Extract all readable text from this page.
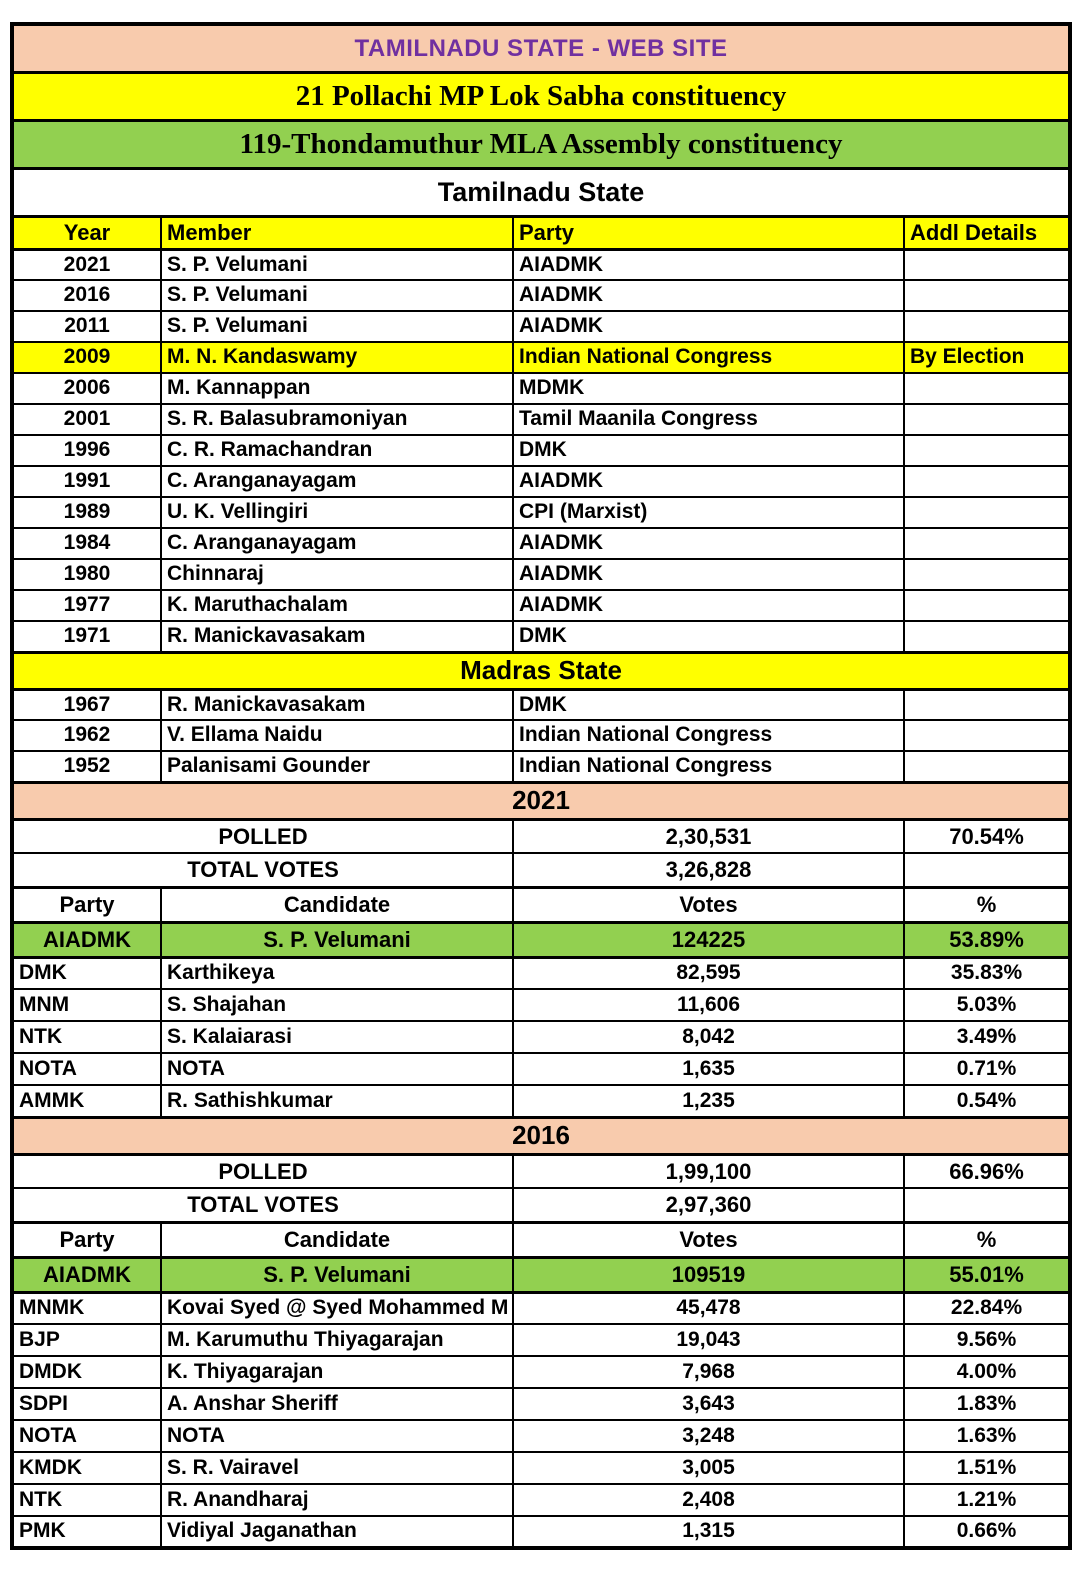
TAMILNADU STATE - WEB SITE			
21 Pollachi MP Lok Sabha constituency			
119-Thondamuthur MLA Assembly constituency			
Tamilnadu State			
Year	Member	Party	Addl Details
2021	S. P. Velumani	AIADMK	
2016	S. P. Velumani	AIADMK	
2011	S. P. Velumani	AIADMK	
2009	M. N. Kandaswamy	Indian National Congress	By Election
2006	M. Kannappan	MDMK	
2001	S. R. Balasubramoniyan	Tamil Maanila Congress	
1996	C. R. Ramachandran	DMK	
1991	C. Aranganayagam	AIADMK	
1989	U. K. Vellingiri	CPI (Marxist)	
1984	C. Aranganayagam	AIADMK	
1980	Chinnaraj	AIADMK	
1977	K. Maruthachalam	AIADMK	
1971	R. Manickavasakam	DMK	
Madras State			
1967	R. Manickavasakam	DMK	
1962	V. Ellama Naidu	Indian National Congress	
1952	Palanisami Gounder	Indian National Congress	
2021			
POLLED		2,30,531	70.54%
TOTAL VOTES		3,26,828	
Party	Candidate	Votes	%
AIADMK	S. P. Velumani	124225	53.89%
DMK	Karthikeya	82,595	35.83%
MNM	S. Shajahan	11,606	5.03%
NTK	S. Kalaiarasi	8,042	3.49%
NOTA	NOTA	1,635	0.71%
AMMK	R. Sathishkumar	1,235	0.54%
2016			
POLLED		1,99,100	66.96%
TOTAL VOTES		2,97,360	
Party	Candidate	Votes	%
AIADMK	S. P. Velumani	109519	55.01%
MNMK	Kovai Syed @ Syed Mohammed M	45,478	22.84%
BJP	M. Karumuthu Thiyagarajan	19,043	9.56%
DMDK	K. Thiyagarajan	7,968	4.00%
SDPI	A. Anshar Sheriff	3,643	1.83%
NOTA	NOTA	3,248	1.63%
KMDK	S. R. Vairavel	3,005	1.51%
NTK	R. Anandharaj	2,408	1.21%
PMK	Vidiyal Jaganathan	1,315	0.66%
